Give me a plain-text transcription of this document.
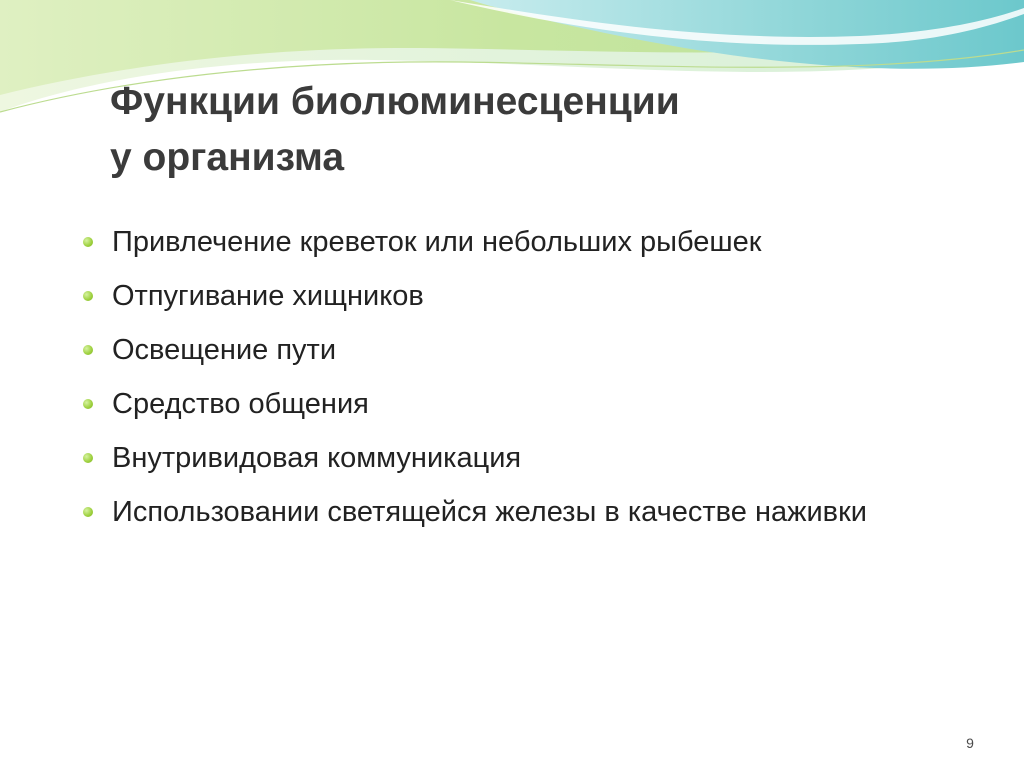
Функции биолюминесценции
у организма
Привлечение креветок или небольших рыбешек
Отпугивание хищников
Освещение пути
Средство общения
Внутривидовая коммуникация
Использовании светящейся железы в качестве наживки
9
